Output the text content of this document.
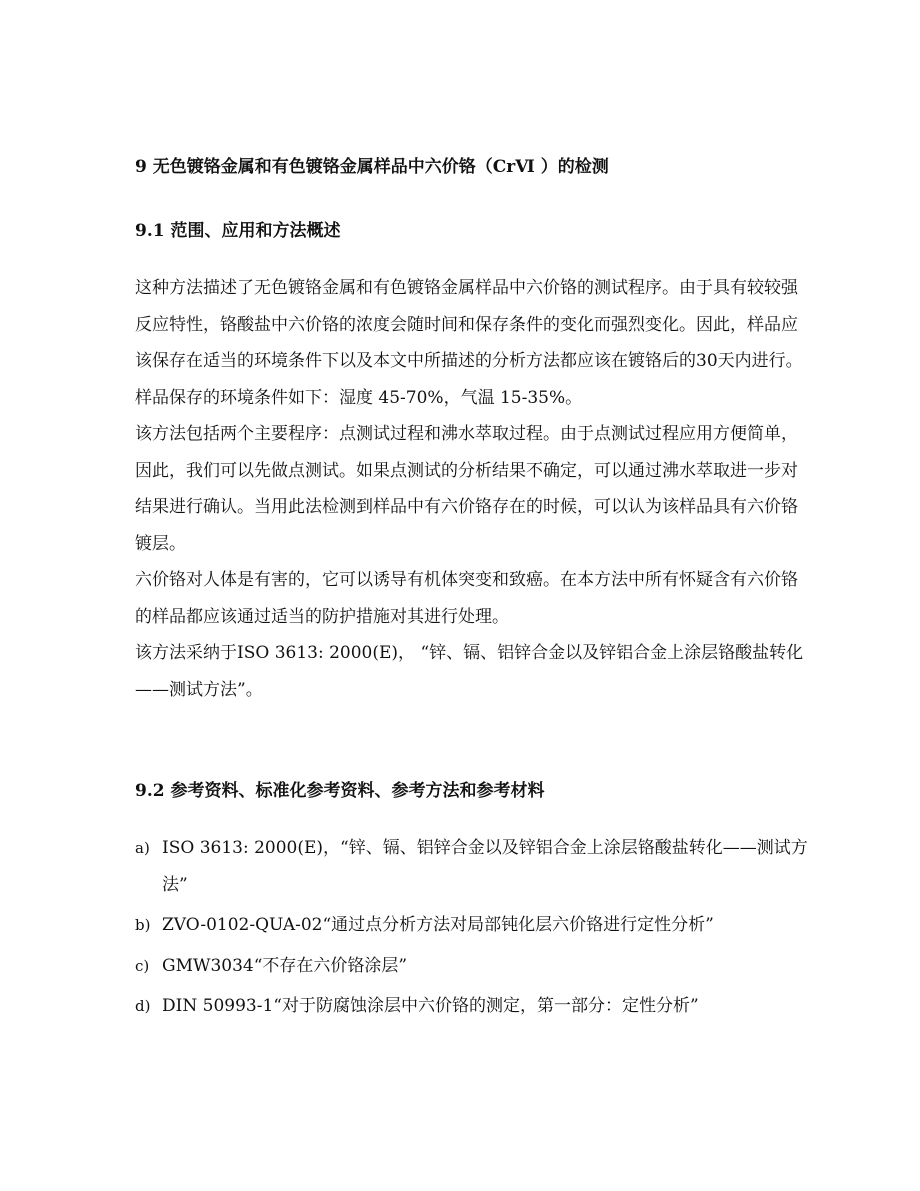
9 无色镀铬金属和有色镀铬金属样品中六价铬（CrⅥ ）的检测
9.1 范围、应用和方法概述

这种方法描述了无色镀铬金属和有色镀铬金属样品中六价铬的测试程序。由于具有较较强反应特性，铬酸盐中六价铬的浓度会随时间和保存条件的变化而强烈变化。因此，样品应该保存在适当的环境条件下以及本文中所描述的分析方法都应该在镀铬后的30天内进行。样品保存的环境条件如下：湿度 45-70%，气温 15-35%。

该方法包括两个主要程序：点测试过程和沸水萃取过程。由于点测试过程应用方便简单，因此，我们可以先做点测试。如果点测试的分析结果不确定，可以通过沸水萃取进一步对结果进行确认。当用此法检测到样品中有六价铬存在的时候，可以认为该样品具有六价铬镀层。

六价铬对人体是有害的，它可以诱导有机体突变和致癌。在本方法中所有怀疑含有六价铬的样品都应该通过适当的防护措施对其进行处理。

该方法采纳于ISO 3613: 2000(E)， “锌、镉、铝锌合金以及锌铝合金上涂层铬酸盐转化——测试方法”。

9.2 参考资料、标准化参考资料、参考方法和参考材料
a) ISO 3613: 2000(E)，“锌、镉、铝锌合金以及锌铝合金上涂层铬酸盐转化——测试方法”
b) ZVO-0102-QUA-02“通过点分析方法对局部钝化层六价铬进行定性分析”
c) GMW3034“不存在六价铬涂层”
d) DIN 50993-1“对于防腐蚀涂层中六价铬的测定，第一部分：定性分析”
